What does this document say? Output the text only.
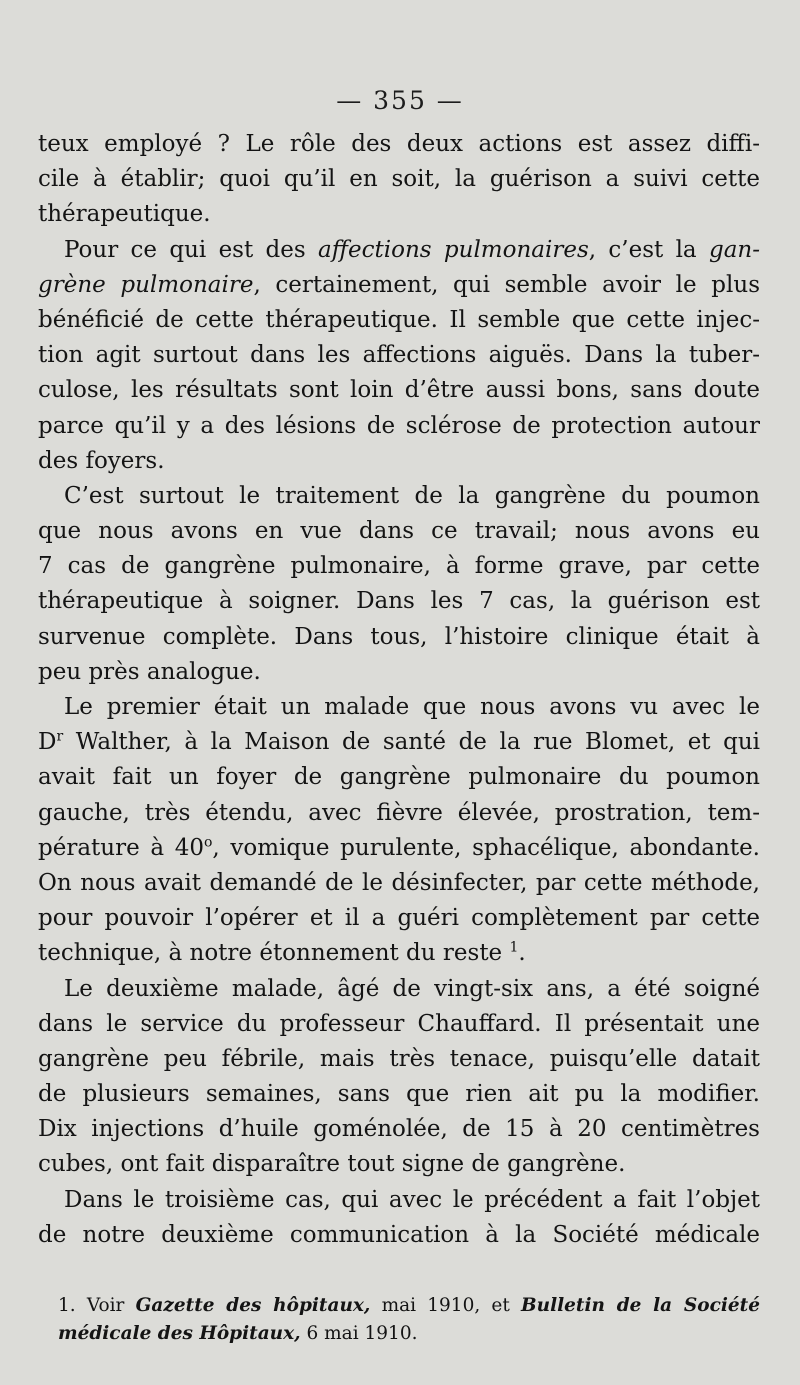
— 355 —
teux employé ? Le rôle des deux actions est assez diffi-
cile à établir; quoi qu’il en soit, la guérison a suivi cette
thérapeutique.
Pour ce qui est des affections pulmonaires, c’est la gan-
grène pulmonaire, certainement, qui semble avoir le plus
bénéficié de cette thérapeutique. Il semble que cette injec-
tion agit surtout dans les affections aiguës. Dans la tuber-
culose, les résultats sont loin d’être aussi bons, sans doute
parce qu’il y a des lésions de sclérose de protection autour
des foyers.
C’est surtout le traitement de la gangrène du poumon
que nous avons en vue dans ce travail; nous avons eu
7 cas de gangrène pulmonaire, à forme grave, par cette
thérapeutique à soigner. Dans les 7 cas, la guérison est
survenue complète. Dans tous, l’histoire clinique était à
peu près analogue.
Le premier était un malade que nous avons vu avec le
$D^r$ Walther, à la Maison de santé de la rue Blomet, et qui
avait fait un foyer de gangrène pulmonaire du poumon
gauche, très étendu, avec fièvre élevée, prostration, tem-
pérature à 40$^o$, vomique purulente, sphacélique, abondante.
On nous avait demandé de le désinfecter, par cette méthode,
pour pouvoir l’opérer et il a guéri complètement par cette
technique, à notre étonnement du reste $^1$.
Le deuxième malade, âgé de vingt-six ans, a été soigné
dans le service du professeur Chauffard. Il présentait une
gangrène peu fébrile, mais très tenace, puisqu’elle datait
de plusieurs semaines, sans que rien ait pu la modifier.
Dix injections d’huile goménolée, de 15 à 20 centimètres
cubes, ont fait disparaître tout signe de gangrène.
Dans le troisième cas, qui avec le précédent a fait l’objet
de notre deuxième communication à la Société médicale
1. Voir Gazette des hôpitaux, mai 1910, et Bulletin de la Société
médicale des Hôpitaux, 6 mai 1910.
